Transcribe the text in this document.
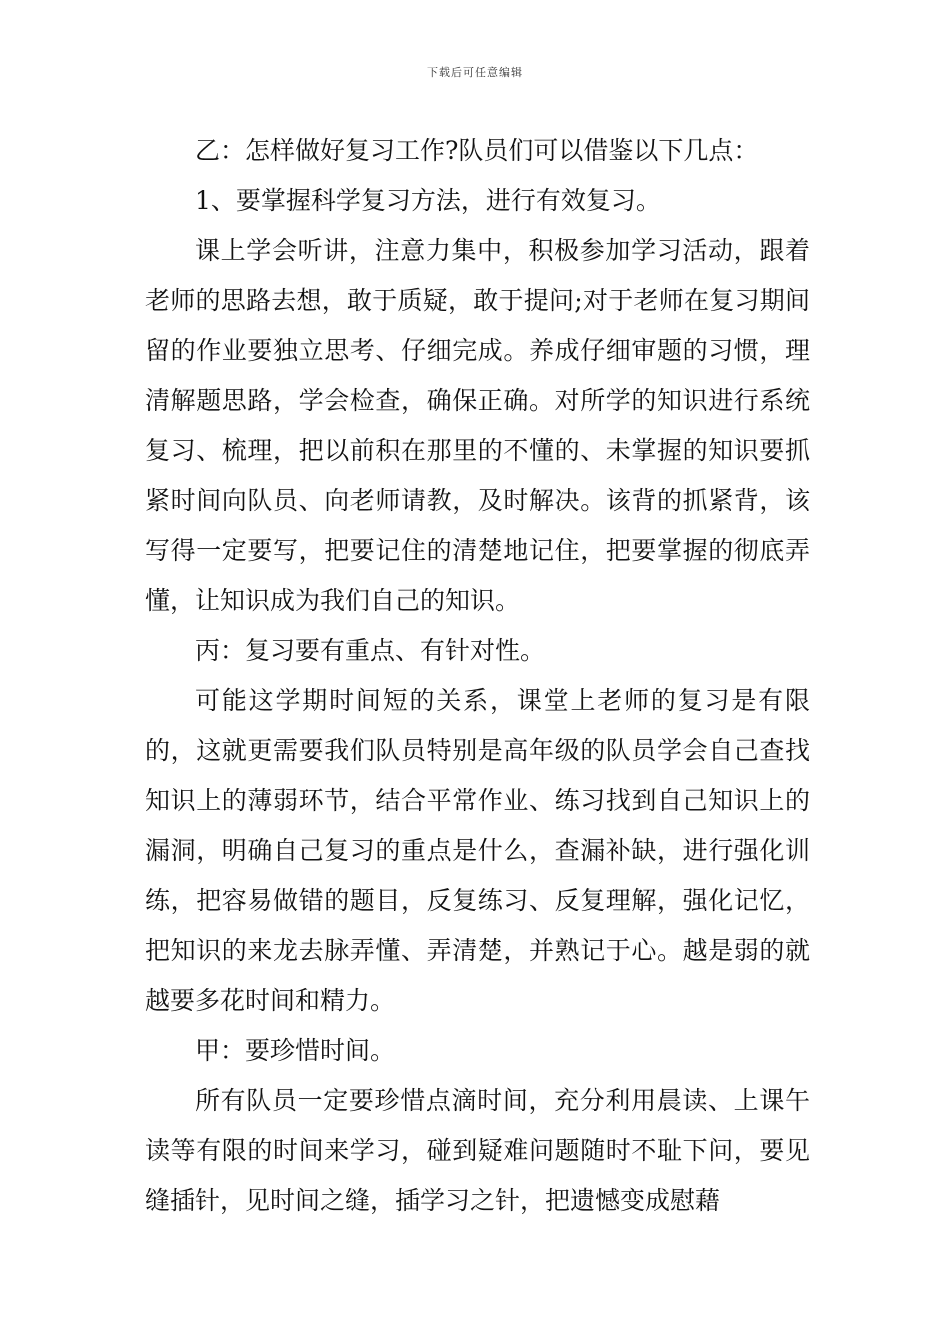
下载后可任意编辑

乙：怎样做好复习工作?队员们可以借鉴以下几点：

1、要掌握科学复习方法，进行有效复习。

课上学会听讲，注意力集中，积极参加学习活动，跟着老师的思路去想，敢于质疑，敢于提问;对于老师在复习期间留的作业要独立思考、仔细完成。养成仔细审题的习惯，理清解题思路，学会检查，确保正确。对所学的知识进行系统复习、梳理，把以前积在那里的不懂的、未掌握的知识要抓紧时间向队员、向老师请教，及时解决。该背的抓紧背，该写得一定要写，把要记住的清楚地记住，把要掌握的彻底弄懂，让知识成为我们自己的知识。

丙：复习要有重点、有针对性。

可能这学期时间短的关系，课堂上老师的复习是有限的，这就更需要我们队员特别是高年级的队员学会自己查找知识上的薄弱环节，结合平常作业、练习找到自己知识上的漏洞，明确自己复习的重点是什么，查漏补缺，进行强化训练，把容易做错的题目，反复练习、反复理解，强化记忆，把知识的来龙去脉弄懂、弄清楚，并熟记于心。越是弱的就越要多花时间和精力。

甲：要珍惜时间。

所有队员一定要珍惜点滴时间，充分利用晨读、上课午读等有限的时间来学习，碰到疑难问题随时不耻下问，要见缝插针，见时间之缝，插学习之针，把遗憾变成慰藉
